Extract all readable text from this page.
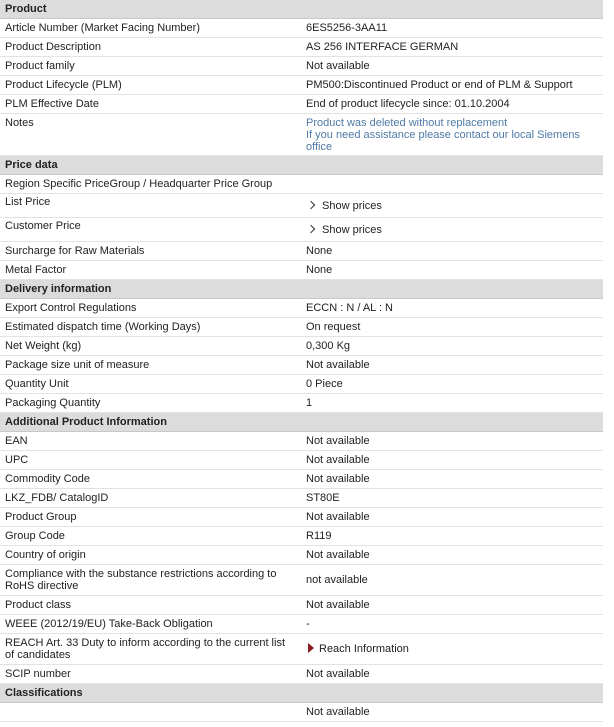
Product	
Article Number (Market Facing Number)	6ES5256-3AA11
Product Description	AS 256 INTERFACE GERMAN
Product family	Not available
Product Lifecycle (PLM)	PM500:Discontinued Product or end of PLM & Support
PLM Effective Date	End of product lifecycle since: 01.10.2004
Notes	Product was deleted without replacement
If you need assistance please contact our local Siemens office

Price data	
Region Specific PriceGroup / Headquarter Price Group	
List Price	Show prices
Customer Price	Show prices
Surcharge for Raw Materials	None
Metal Factor	None
Delivery information	
Export Control Regulations	ECCN : N / AL : N
Estimated dispatch time (Working Days)	On request
Net Weight (kg)	0,300 Kg
Package size unit of measure	Not available
Quantity Unit	0 Piece
Packaging Quantity	1
Additional Product Information	
EAN	Not available
UPC	Not available
Commodity Code	Not available
LKZ_FDB/ CatalogID	ST80E
Product Group	Not available
Group Code	R119
Country of origin	Not available
Compliance with the substance restrictions according to RoHS directive	not available
Product class	Not available
WEEE (2012/19/EU) Take-Back Obligation	-
REACH Art. 33 Duty to inform according to the current list of candidates	Reach Information
SCIP number	Not available
Classifications	
	Not available
